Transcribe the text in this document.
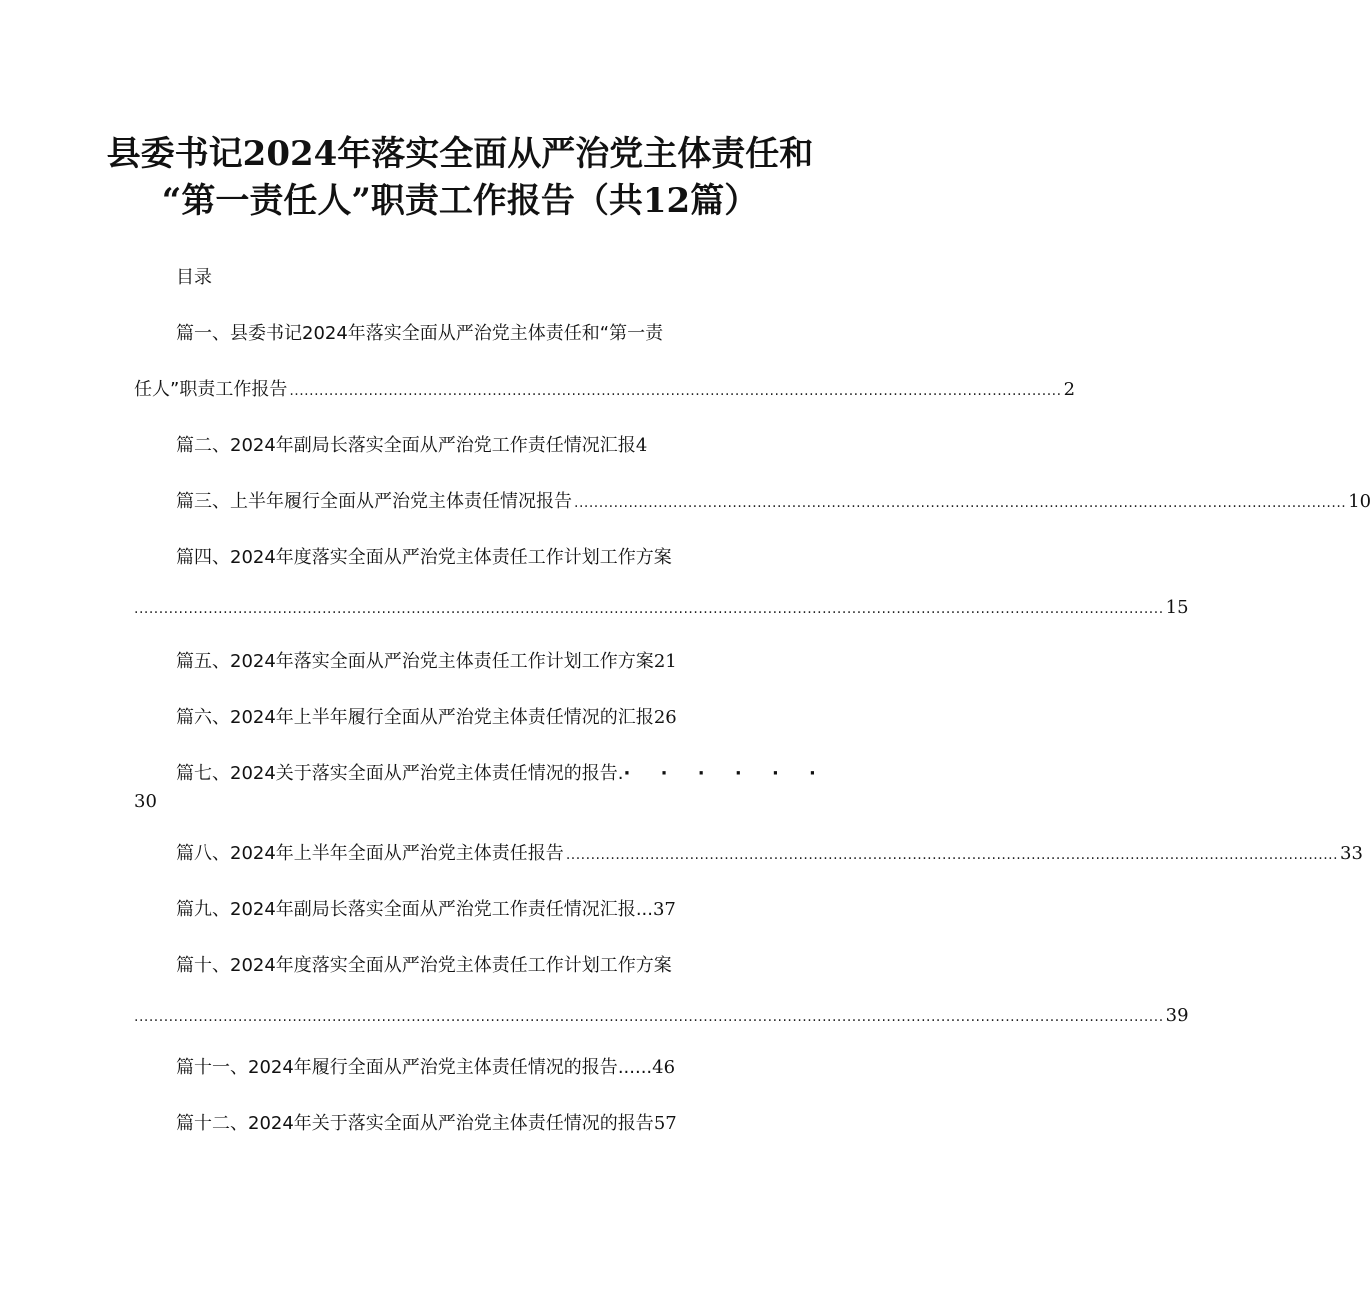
县委书记2024年落实全面从严治党主体责任和
“第一责任人”职责工作报告（共12篇）
目录
篇一、县委书记2024年落实全面从严治党主体责任和“第一责
任人”职责工作报告 ............................................................................................................................................................ 2
篇二、2024年副局长落实全面从严治党工作责任情况汇报 4
篇三、上半年履行全面从严治党主体责任情况报告 ............................................................................................................................................................ 10
篇四、2024年度落实全面从严治党主体责任工作计划工作方案
................................................................................................................................................................................................................ 15
篇五、2024年落实全面从严治党主体责任工作计划工作方案 21
篇六、2024年上半年履行全面从严治党主体责任情况的汇报 26
篇七、2024关于落实全面从严治党主体责任情况的报告. · · · · · ·
30
篇八、2024年上半年全面从严治党主体责任报告 ............................................................................................................................................................ 33
篇九、2024年副局长落实全面从严治党工作责任情况汇报 ... 37
篇十、2024年度落实全面从严治党主体责任工作计划工作方案
................................................................................................................................................................................................................ 39
篇十一、2024年履行全面从严治党主体责任情况的报告 ...... 46
篇十二、2024年关于落实全面从严治党主体责任情况的报告 57
